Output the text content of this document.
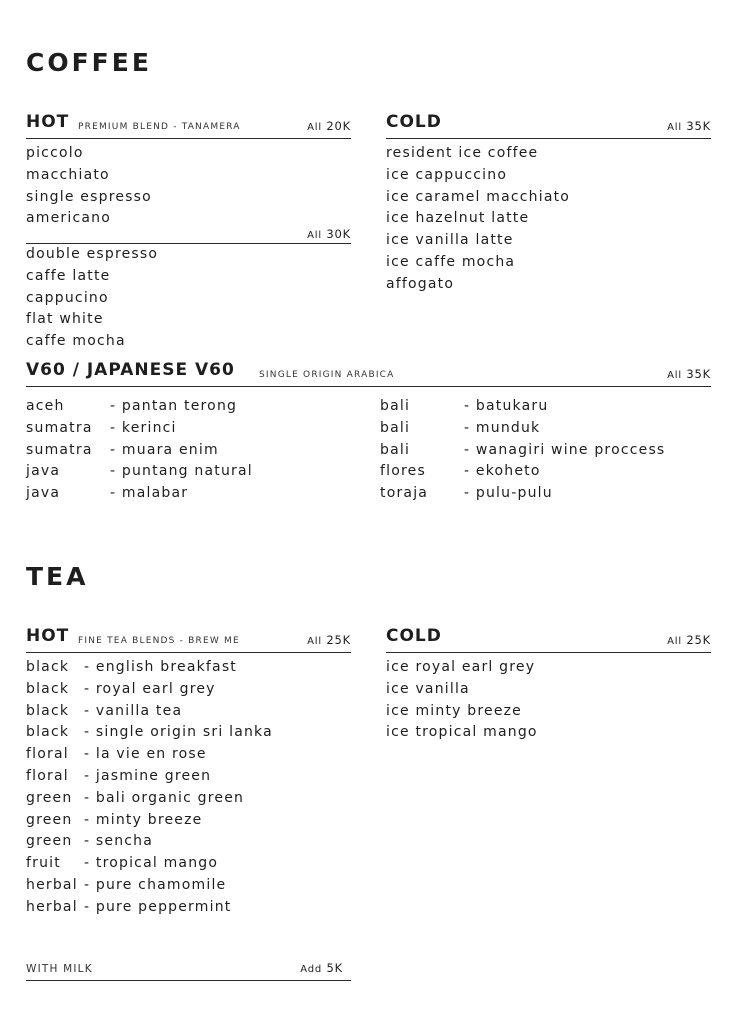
COFFEE
HOT PREMIUM BLEND - TANAMERA	All 20K
piccolo
macchiato
single espresso
americano
All 30K
double espresso
caffe latte
cappucino
flat white
caffe mocha
COLD	All 35K
resident ice coffee
ice cappuccino
ice caramel macchiato
ice hazelnut latte
ice vanilla latte
ice caffe mocha
affogato
V60 / JAPANESE V60	SINGLE ORIGIN ARABICA	All 35K
aceh	- pantan terong
sumatra - kerinci
sumatra - muara enim
java	- puntang natural
java	- malabar
bali	- batukaru
bali	- munduk
bali	- wanagiri wine proccess
flores	- ekoheto
toraja	- pulu-pulu
TEA
HOT FINE TEA BLENDS - BREW ME	All 25K
black - english breakfast
black - royal earl grey
black - vanilla tea
black - single origin sri lanka
floral - la vie en rose
floral - jasmine green
green - bali organic green
green - minty breeze
green - sencha
fruit - tropical mango
herbal - pure chamomile
herbal - pure peppermint
COLD	All 25K
ice royal earl grey
ice vanilla
ice minty breeze
ice tropical mango
WITH MILK	Add 5K
